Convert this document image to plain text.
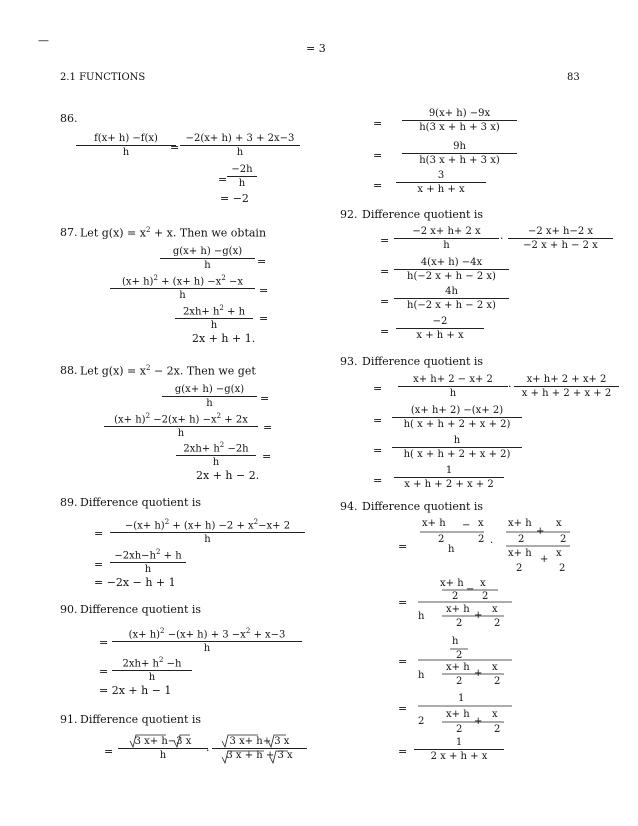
—
= 3
2.1 FUNCTIONS	83
86.
$\frac{f(x+ h) -f(x)}{h}$
= $\frac{-2(x+ h) + 3 + 2x-3}{h}$
= $\frac{-2h}{h}$
= −2
87. Let $g(x) = x^2 + x$. Then we obtain
$\frac{g(x+ h) -g(x)}{h}$ =
$\frac{(x+ h)^2 + (x+ h) -x^2 -x}{h}$ =
$\frac{2xh+ h^2 + h}{h}$ =
2x + h + 1.
88. Let $g(x) = x^2 - 2x$. Then we get
$\frac{g(x+ h) -g(x)}{h}$ =
$\frac{(x+ h)^2 -2(x+ h) -x^2 + 2x}{h}$ =
$\frac{2xh+ h^2 -2h}{h}$ =
2x + h − 2.
89. Difference quotient is
= $\frac{-(x+ h)^2 + (x+ h) -2 + x^2-x+ 2}{h}$
= $\frac{-2xh-h^2 + h}{h}$
= −2x − h + 1
90. Difference quotient is
= $\frac{(x+ h)^2 -(x+ h) + 3 -x^2 + x-3}{h}$
= $\frac{2xh+ h^2 -h}{h}$
= 2x + h − 1
91. Difference quotient is
= $\frac{3 x+ h-3 x}{h}$
· $\frac{3 x+ h+ 3 x}{3 x + h + 3 x}$
= $\frac{9(x+ h) -9x}{h(3 x + h + 3 x)}$
= $\frac{9h}{h(3 x + h + 3 x)}$
= $\frac{3}{x + h + x}$
92. Difference quotient is
= $\frac{-2 x+ h+ 2 x}{h} \cdot \frac{-2 x+ h-2 x}{-2 x + h - 2 x}$
= $\frac{4(x+ h) -4x}{h(-2 x + h - 2 x)}$
= $\frac{4h}{h(-2 x + h - 2 x)}$
= $\frac{-2}{x + h + x}$
93. Difference quotient is
= $\frac{x+ h+ 2 - x+ 2}{h} \cdot \frac{x+ h+ 2 + x+ 2}{x + h + 2 + x + 2}$
= $\frac{(x+ h+ 2) -(x+ 2)}{h( x + h + 2 + x + 2)}$
= $\frac{h}{h( x + h + 2 + x + 2)}$
= $\frac{1}{x + h + 2 + x + 2}$
94. Difference quotient is
=
x+ h − x
2	2
h
·
x+ h
+
x
2	2
x+ h
+
x
2	2
=
x+ h
−
x
2 2
h
x+ h
+
x
2	2
=
h
2
h
x+ h
+
x
2	2
=
1
2
x+ h
+
x
2	2
= $\frac{1}{2 x + h + x}$
